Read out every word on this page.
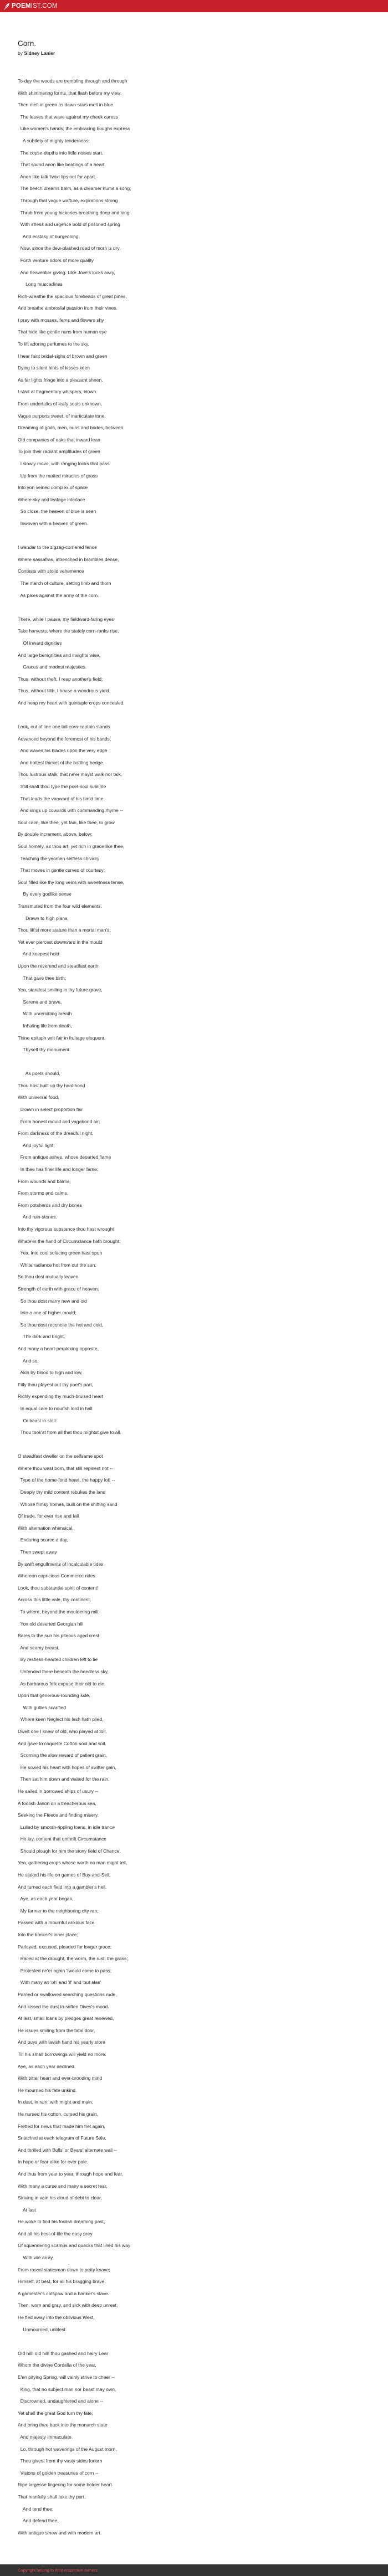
POEMIST.COM
Corn.
by Sidney Lanier
To-day the woods are trembling through and through
With shimmering forms, that flash before my view,
Then melt in green as dawn-stars melt in blue.
The leaves that wave against my cheek caress
Like women's hands; the embracing boughs express
A subtlety of mighty tenderness;
The copse-depths into little noises start,
That sound anon like beatings of a heart,
Anon like talk 'twixt lips not far apart.
The beech dreams balm, as a dreamer hums a song;
Through that vague wafture, expirations strong
Throb from young hickories breathing deep and long
With stress and urgence bold of prisoned spring
And ecstasy of burgeoning.
Now, since the dew-plashed road of morn is dry,
Forth venture odors of more quality
And heavenlier giving. Like Jove's locks awry,
Long muscadines
Rich-wreathe the spacious foreheads of great pines,
And breathe ambrosial passion from their vines.
I pray with mosses, ferns and flowers shy
That hide like gentle nuns from human eye
To lift adoring perfumes to the sky.
I hear faint bridal-sighs of brown and green
Dying to silent hints of kisses keen
As far lights fringe into a pleasant sheen.
I start at fragmentary whispers, blown
From undertalks of leafy souls unknown,
Vague purports sweet, of inarticulate tone.
Dreaming of gods, men, nuns and brides, between
Old companies of oaks that inward lean
To join their radiant amplitudes of green
I slowly move, with ranging looks that pass
Up from the matted miracles of grass
Into yon veined complex of space
Where sky and leafage interlace
So close, the heaven of blue is seen
Inwoven with a heaven of green.
I wander to the zigzag-cornered fence
Where sassafras, intrenched in brambles dense,
Contests with stolid vehemence
The march of culture, setting limb and thorn
As pikes against the army of the corn.
There, while I pause, my fieldward-faring eyes
Take harvests, where the stately corn-ranks rise,
Of inward dignities
And large benignities and insights wise,
Graces and modest majesties.
Thus, without theft, I reap another's field;
Thus, without tilth, I house a wondrous yield,
And heap my heart with quintuple crops concealed.
Look, out of line one tall corn-captain stands
Advanced beyond the foremost of his bands,
And waves his blades upon the very edge
And hottest thicket of the battling hedge.
Thou lustrous stalk, that ne'er mayst walk nor talk,
Still shalt thou type the poet-soul sublime
That leads the vanward of his timid time
And sings up cowards with commanding rhyme --
Soul calm, like thee, yet fain, like thee, to grow
By double increment, above, below;
Soul homely, as thou art, yet rich in grace like thee,
Teaching the yeomen selfless chivalry
That moves in gentle curves of courtesy;
Soul filled like thy long veins with sweetness tense,
By every godlike sense
Transmuted from the four wild elements.
Drawn to high plans,
Thou lift'st more stature than a mortal man's,
Yet ever piercest downward in the mould
And keepest hold
Upon the reverend and steadfast earth
That gave thee birth;
Yea, standest smiling in thy future grave,
Serene and brave,
With unremitting breath
Inhaling life from death,
Thine epitaph writ fair in fruitage eloquent,
Thyself thy monument.
As poets should,
Thou hast built up thy hardihood
With universal food,
Drawn in select proportion fair
From honest mould and vagabond air;
From darkness of the dreadful night,
And joyful light;
From antique ashes, whose departed flame
In thee has finer life and longer fame;
From wounds and balms,
From storms and calms,
From potsherds and dry bones
And ruin-stones.
Into thy vigorous substance thou hast wrought
Whate'er the hand of Circumstance hath brought;
Yea, into cool solacing green hast spun
White radiance hot from out the sun.
So thou dost mutually leaven
Strength of earth with grace of heaven;
So thou dost marry new and old
Into a one of higher mould;
So thou dost reconcile the hot and cold,
The dark and bright,
And many a heart-perplexing opposite,
And so,
Akin by blood to high and low,
Fitly thou playest out thy poet's part,
Richly expending thy much-bruised heart
In equal care to nourish lord in hall
Or beast in stall:
Thou took'st from all that thou mightst give to all.
O steadfast dweller on the selfsame spot
Where thou wast born, that still repinest not --
Type of the home-fond heart, the happy lot! --
Deeply thy mild content rebukes the land
Whose flimsy homes, built on the shifting sand
Of trade, for ever rise and fall
With alternation whimsical,
Enduring scarce a day,
Then swept away
By swift engulfments of incalculable tides
Whereon capricious Commerce rides.
Look, thou substantial spirit of content!
Across this little vale, thy continent,
To where, beyond the mouldering mill,
Yon old deserted Georgian hill
Bares to the sun his piteous aged crest
And seamy breast,
By restless-hearted children left to lie
Untended there beneath the heedless sky,
As barbarous folk expose their old to die.
Upon that generous-rounding side,
With gullies scarified
Where keen Neglect his lash hath plied,
Dwelt one I knew of old, who played at toil,
And gave to coquette Cotton soul and soil.
Scorning the slow reward of patient grain,
He sowed his heart with hopes of swifter gain,
Then sat him down and waited for the rain.
He sailed in borrowed ships of usury --
A foolish Jason on a treacherous sea,
Seeking the Fleece and finding misery.
Lulled by smooth-rippling loans, in idle trance
He lay, content that unthrift Circumstance
Should plough for him the stony field of Chance.
Yea, gathering crops whose worth no man might tell,
He staked his life on games of Buy-and-Sell,
And turned each field into a gambler's hell.
Aye, as each year began,
My farmer to the neighboring city ran;
Passed with a mournful anxious face
Into the banker's inner place;
Parleyed, excused, pleaded for longer grace;
Railed at the drought, the worm, the rust, the grass;
Protested ne'er again 'twould come to pass;
With many an 'oh' and 'if' and 'but alas'
Parried or swallowed searching questions rude,
And kissed the dust to soften Dives's mood.
At last, small loans by pledges great renewed,
He issues smiling from the fatal door,
And buys with lavish hand his yearly store
Till his small borrowings will yield no more.
Aye, as each year declined,
With bitter heart and ever-brooding mind
He mourned his fate unkind.
In dust, in rain, with might and main,
He nursed his cotton, cursed his grain,
Fretted for news that made him fret again,
Snatched at each telegram of Future Sale,
And thrilled with Bulls' or Bears' alternate wail --
In hope or fear alike for ever pale.
And thus from year to year, through hope and fear,
With many a curse and many a secret tear,
Striving in vain his cloud of debt to clear,
At last
He woke to find his foolish dreaming past,
And all his best-of-life the easy prey
Of squandering scamps and quacks that lined his way
With vile array,
From rascal statesman down to petty knave;
Himself, at best, for all his bragging brave,
A gamester's catspaw and a banker's slave.
Then, worn and gray, and sick with deep unrest,
He fled away into the oblivious West,
Unmourned, unblest.
Old hill! old hill! thou gashed and hairy Lear
Whom the divine Cordelia of the year,
E'en pitying Spring, will vainly strive to cheer --
King, that no subject man nor beast may own,
Discrowned, undaughtered and alone --
Yet shall the great God turn thy fate,
And bring thee back into thy monarch state
And majesty immaculate.
Lo, through hot waverings of the August morn,
Thou givest from thy vasty sides forlorn
Visions of golden treasuries of corn --
Ripe largesse lingering for some bolder heart
That manfully shall take thy part,
And tend thee,
And defend thee,
With antique sinew and with modern art.
Copyright belong to their respective owners.
